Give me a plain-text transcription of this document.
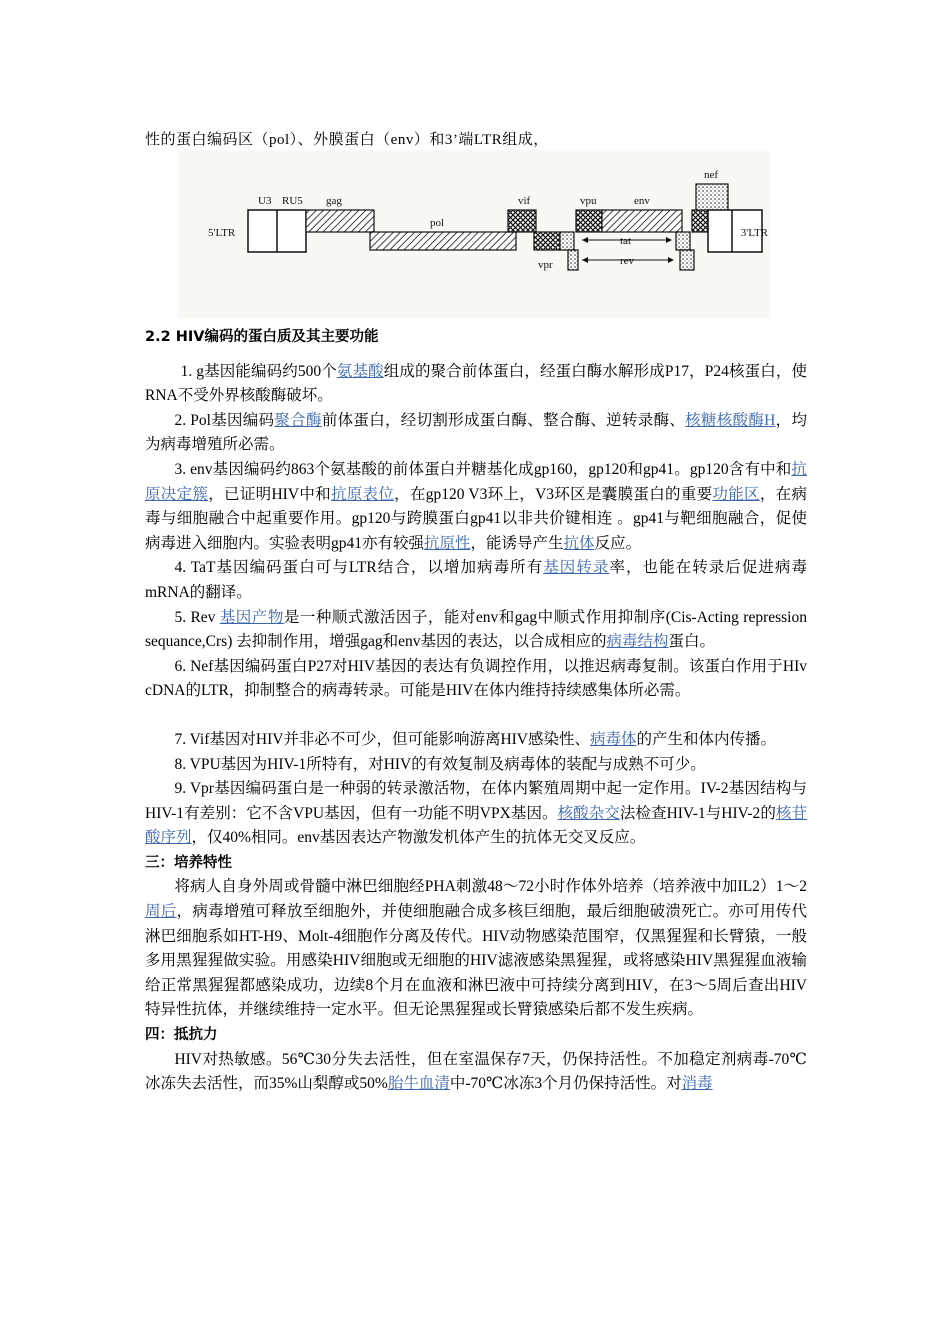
性的蛋白编码区（pol）、外膜蛋白（env）和3’端LTR组成，
5'LTR
U3 RU5 gag
pol
vif
vpr
vpu	env
nef
tat
rev
3'LTR
2.2 HIV编码的蛋白质及其主要功能

1. g基因能编码约500个氨基酸组成的聚合前体蛋白，经蛋白酶水解形成P17，P24核蛋白，使RNA不受外界核酸酶破坏。

2. Pol基因编码聚合酶前体蛋白，经切割形成蛋白酶、整合酶、逆转录酶、核糖核酸酶H，均为病毒增殖所必需。

3. env基因编码约863个氨基酸的前体蛋白并糖基化成gp160，gp120和gp41。gp120含有中和抗原决定簇，已证明HIV中和抗原表位，在gp120 V3环上，V3环区是囊膜蛋白的重要功能区，在病毒与细胞融合中起重要作用。gp120与跨膜蛋白gp41以非共价键相连 。gp41与靶细胞融合，促使病毒进入细胞内。实验表明gp41亦有较强抗原性，能诱导产生抗体反应。

4. TaT基因编码蛋白可与LTR结合，以增加病毒所有基因转录率，也能在转录后促进病毒mRNA的翻译。

5. Rev 基因产物是一种顺式激活因子，能对env和gag中顺式作用抑制序(Cis-Acting repression sequance,Crs) 去抑制作用，增强gag和env基因的表达，以合成相应的病毒结构蛋白。

6. Nef基因编码蛋白P27对HIV基因的表达有负调控作用，以推迟病毒复制。该蛋白作用于HIv cDNA的LTR，抑制整合的病毒转录。可能是HIV在体内维持持续感集体所必需。

7. Vif基因对HIV并非必不可少，但可能影响游离HIV感染性、病毒体的产生和体内传播。

8. VPU基因为HIV-1所特有，对HIV的有效复制及病毒体的装配与成熟不可少。

9. Vpr基因编码蛋白是一种弱的转录激活物，在体内繁殖周期中起一定作用。IV-2基因结构与HIV-1有差别：它不含VPU基因，但有一功能不明VPX基因。核酸杂交法检查HIV-1与HIV-2的核苷酸序列，仅40%相同。env基因表达产物激发机体产生的抗体无交叉反应。

三：培养特性

将病人自身外周或骨髓中淋巴细胞经PHA刺激48～72小时作体外培养（培养液中加IL2）1～2周后，病毒增殖可释放至细胞外，并使细胞融合成多核巨细胞，最后细胞破溃死亡。亦可用传代淋巴细胞系如HT-H9、Molt-4细胞作分离及传代。HIV动物感染范围窄，仅黑猩猩和长臂猿，一般多用黑猩猩做实验。用感染HIV细胞或无细胞的HIV滤液感染黑猩猩，或将感染HIV黑猩猩血液输给正常黑猩猩都感染成功，边续8个月在血液和淋巴液中可持续分离到HIV，在3～5周后查出HIV特异性抗体，并继续维持一定水平。但无论黑猩猩或长臂猿感染后都不发生疾病。

四：抵抗力

HIV对热敏感。56℃30分失去活性，但在室温保存7天，仍保持活性。不加稳定剂病毒-70℃冰冻失去活性，而35%山梨醇或50%胎牛血清中-70℃冰冻3个月仍保持活性。对消毒
